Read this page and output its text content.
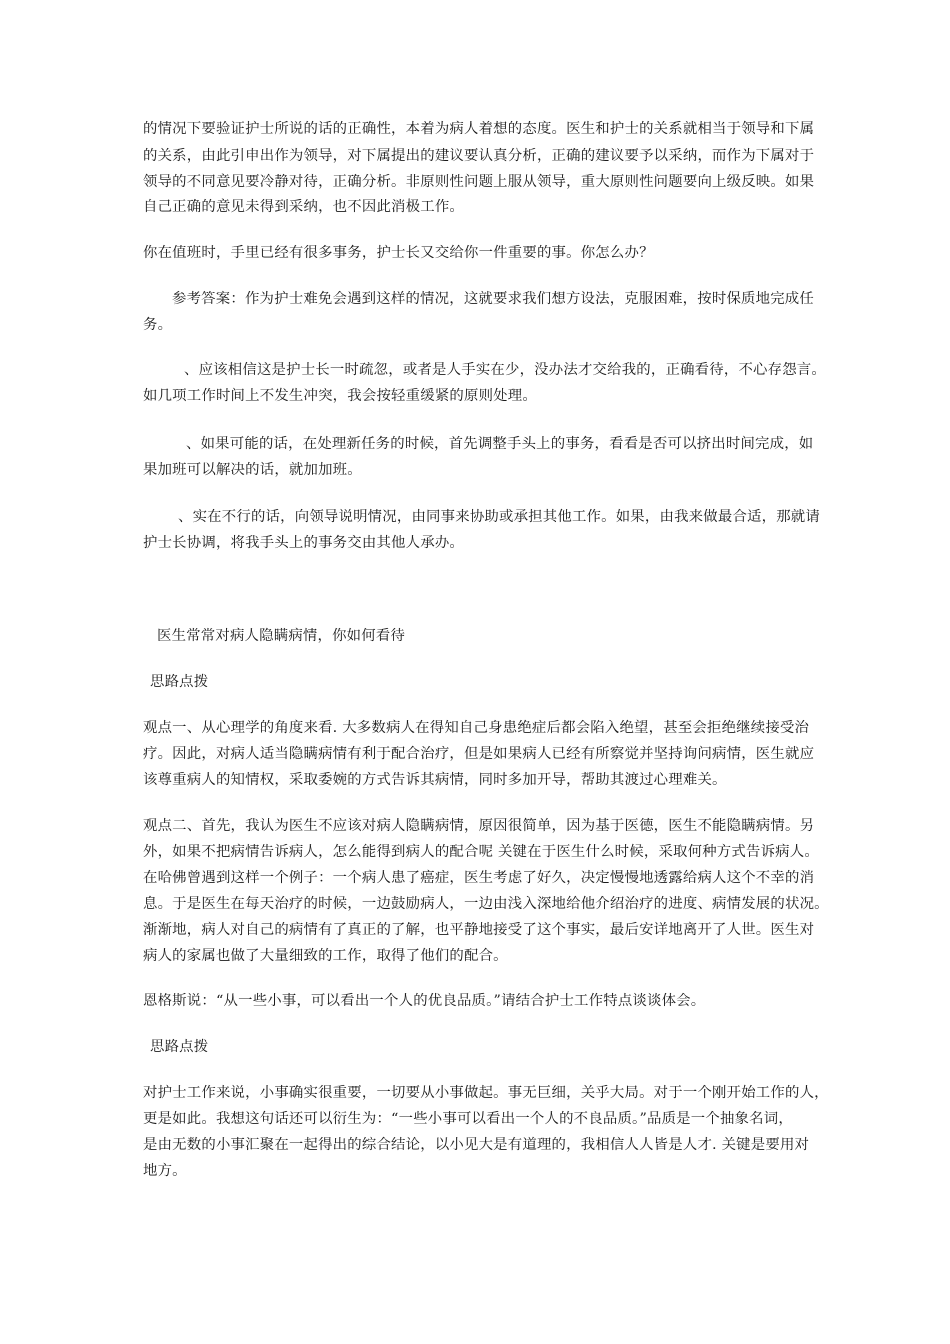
的情况下要验证护士所说的话的正确性，本着为病人着想的态度。医生和护士的关系就相当于领导和下属
的关系，由此引申出作为领导，对下属提出的建议要认真分析，正确的建议要予以采纳，而作为下属对于
领导的不同意见要冷静对待，正确分析。非原则性问题上服从领导，重大原则性问题要向上级反映。如果
自己正确的意见未得到采纳，也不因此消极工作。
你在值班时，手里已经有很多事务，护士长又交给你一件重要的事。你怎么办？
参考答案：作为护士难免会遇到这样的情况，这就要求我们想方设法，克服困难，按时保质地完成任
务。
、应该相信这是护士长一时疏忽，或者是人手实在少，没办法才交给我的，正确看待，不心存怨言。
如几项工作时间上不发生冲突，我会按轻重缓紧的原则处理。
、如果可能的话，在处理新任务的时候，首先调整手头上的事务，看看是否可以挤出时间完成，如
果加班可以解决的话，就加加班。
、实在不行的话，向领导说明情况，由同事来协助或承担其他工作。如果，由我来做最合适，那就请
护士长协调，将我手头上的事务交由其他人承办。
医生常常对病人隐瞒病情，你如何看待
思路点拨
观点一、从心理学的角度来看. 大多数病人在得知自己身患绝症后都会陷入绝望，甚至会拒绝继续接受治
疗。因此，对病人适当隐瞒病情有利于配合治疗，但是如果病人已经有所察觉并坚持询问病情，医生就应
该尊重病人的知情权，采取委婉的方式告诉其病情，同时多加开导，帮助其渡过心理难关。
观点二、首先，我认为医生不应该对病人隐瞒病情，原因很简单，因为基于医德，医生不能隐瞒病情。另
外，如果不把病情告诉病人，怎么能得到病人的配合呢 关键在于医生什么时候，采取何种方式告诉病人。
在哈佛曾遇到这样一个例子：一个病人患了癌症，医生考虑了好久，决定慢慢地透露给病人这个不幸的消
息。于是医生在每天治疗的时候，一边鼓励病人，一边由浅入深地给他介绍治疗的进度、病情发展的状况。
渐渐地，病人对自己的病情有了真正的了解，也平静地接受了这个事实，最后安详地离开了人世。医生对
病人的家属也做了大量细致的工作，取得了他们的配合。
恩格斯说：“从一些小事，可以看出一个人的优良品质。”请结合护士工作特点谈谈体会。
思路点拨
对护士工作来说，小事确实很重要，一切要从小事做起。事无巨细，关乎大局。对于一个刚开始工作的人，
更是如此。我想这句话还可以衍生为：“一些小事可以看出一个人的不良品质。”品质是一个抽象名词，
是由无数的小事汇聚在一起得出的综合结论，以小见大是有道理的，我相信人人皆是人才. 关键是要用对
地方。
